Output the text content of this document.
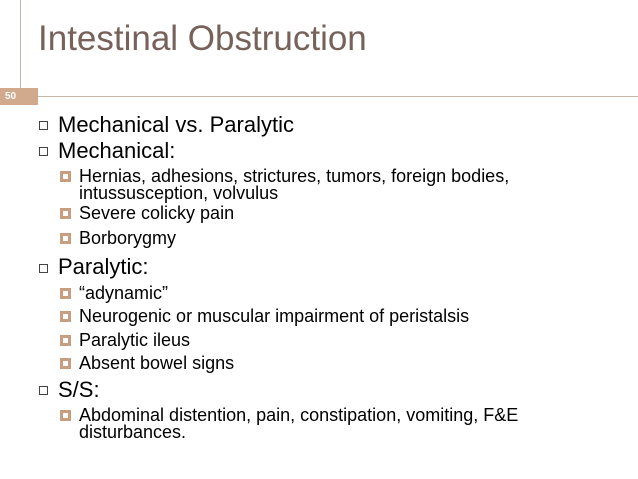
Intestinal Obstruction
50
Mechanical vs. Paralytic
Mechanical:
Hernias, adhesions, strictures, tumors, foreign bodies,
intussusception, volvulus
Severe colicky pain
Borborygmy
Paralytic:
“adynamic”
Neurogenic or muscular impairment of peristalsis
Paralytic ileus
Absent bowel signs
S/S:
Abdominal distention, pain, constipation, vomiting, F&E
disturbances.
